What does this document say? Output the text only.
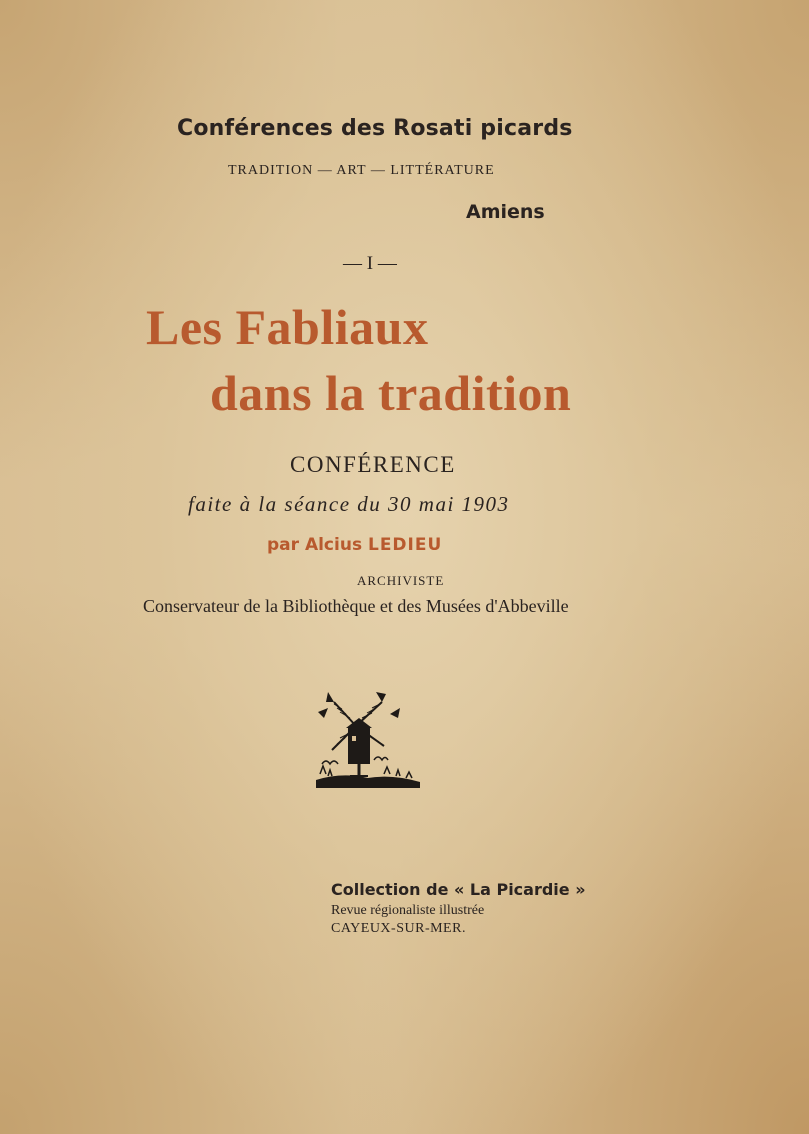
Conférences des Rosati picards
TRADITION — ART — LITTÉRATURE
Amiens
— I —
Les Fabliaux
dans la tradition
CONFÉRENCE
faite à la séance du 30 mai 1903
par Alcius LEDIEU
ARCHIVISTE
Conservateur de la Bibliothèque et des Musées d'Abbeville
Collection de « La Picardie »
Revue régionaliste illustrée
CAYEUX-SUR-MER.
